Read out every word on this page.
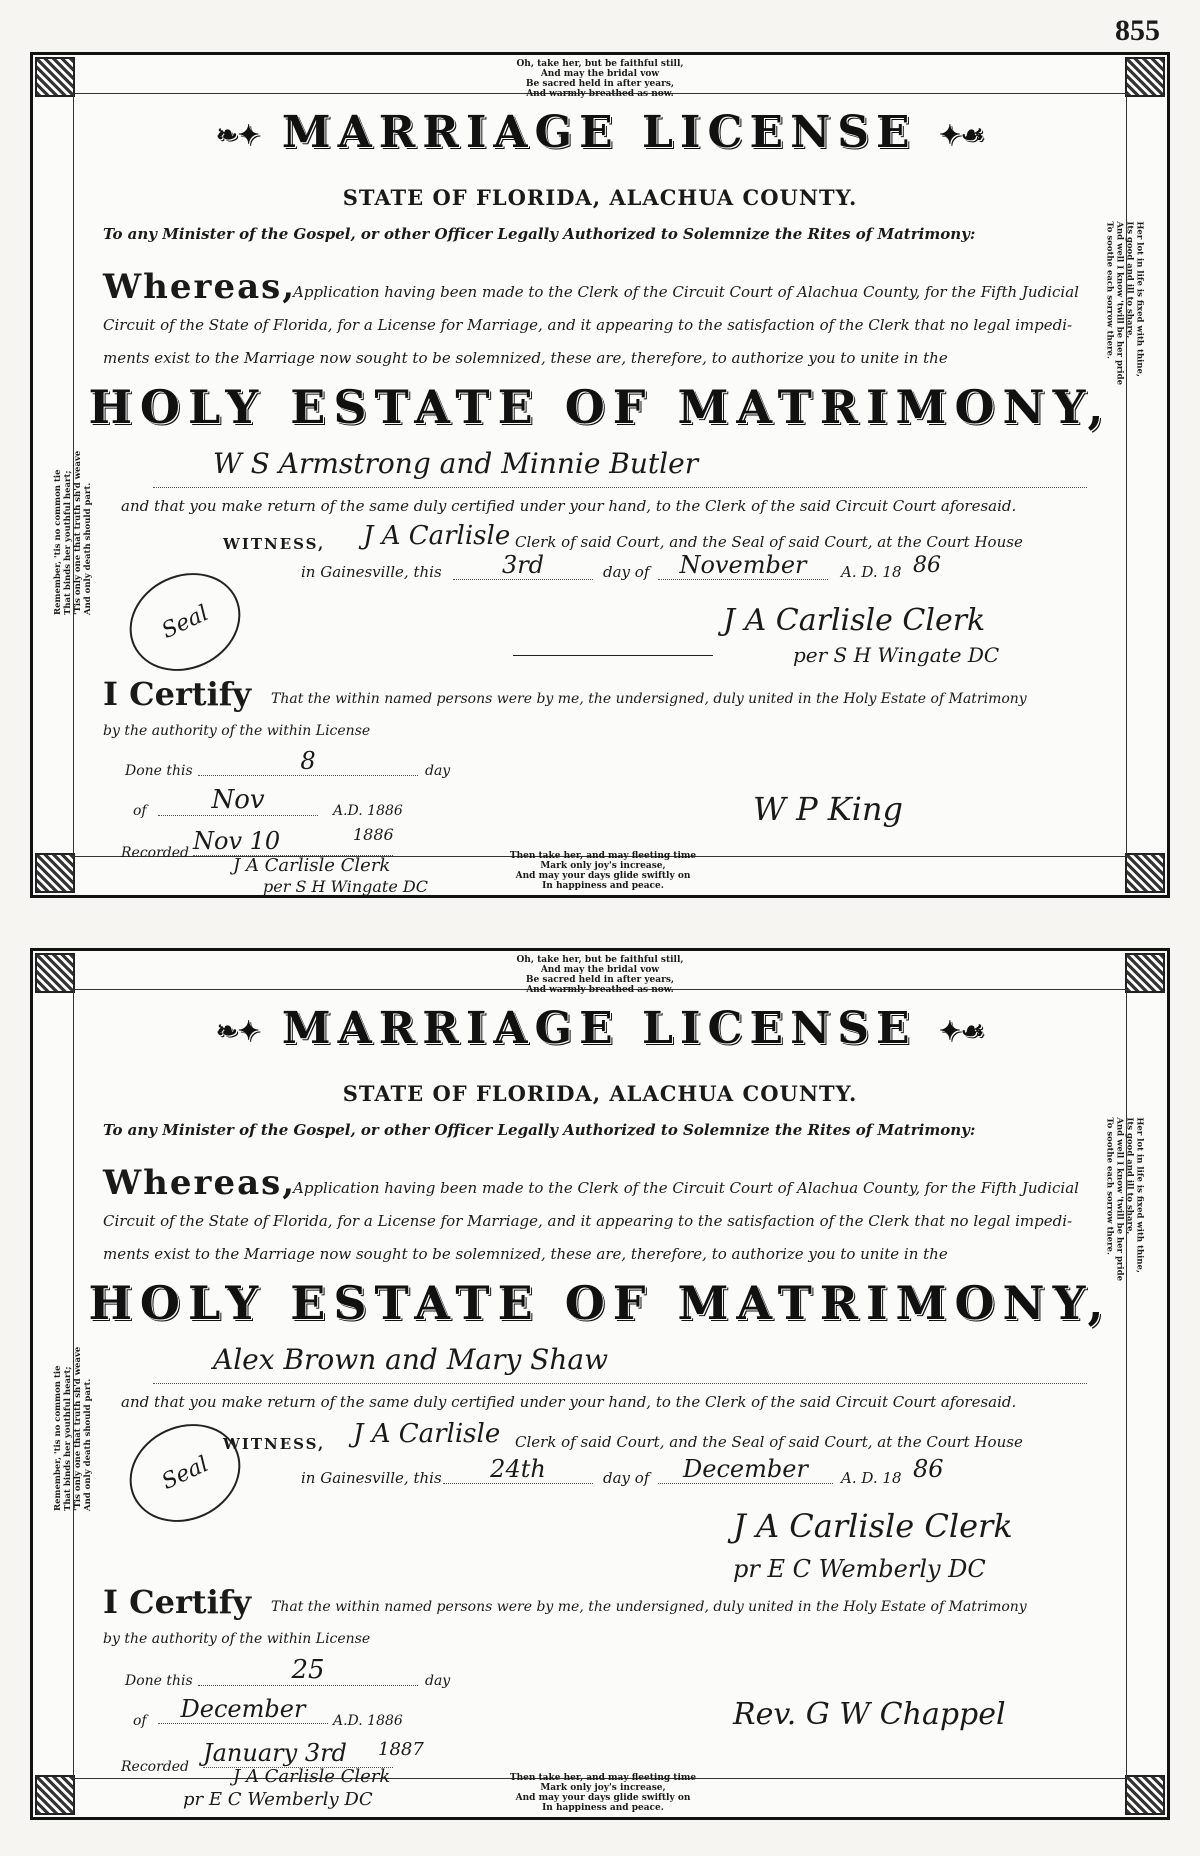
855
Oh, take her, but be faithful still,
And may the bridal vow
Be sacred held in after years,
And warmly breathed as now.
Remember, 'tis no common tie That binds her youthful heart; 'Tis only one that truth sh'd weave And only death should part.
Her lot in life is fixed with thine,
Its good and ill to share,
And well I know 'twill be her pride
To soothe each sorrow there.
❧✦ MARRIAGE LICENSE ✦☙
STATE OF FLORIDA, ALACHUA COUNTY.
To any Minister of the Gospel, or other Officer Legally Authorized to Solemnize the Rites of Matrimony:
Whereas,
Application having been made to the Clerk of the Circuit Court of Alachua County, for the Fifth Judicial
Circuit of the State of Florida, for a License for Marriage, and it appearing to the satisfaction of the Clerk that no legal impedi-
ments exist to the Marriage now sought to be solemnized, these are, therefore, to authorize you to unite in the
HOLY ESTATE OF MATRIMONY,
W S Armstrong and Minnie Butler
and that you make return of the same duly certified under your hand, to the Clerk of the said Circuit Court aforesaid.
WITNESS, J A Carlisle Clerk of said Court, and the Seal of said Court, at the Court House
in Gainesville, this	3rd	day of	November	A. D. 18 86
Seal	J A Carlisle Clerk
per S H Wingate DC
I Certify That the within named persons were by me, the undersigned, duly united in the Holy Estate of Matrimony
by the authority of the within License
Done this	8	day
of	Nov	A.D. 1886	W P King
Recorded Nov 10	1886
J A Carlisle Clerk
per S H Wingate DC
Then take her, and may fleeting time
Mark only joy's increase,
And may your days glide swiftly on
In happiness and peace.
Oh, take her, but be faithful still,
And may the bridal vow
Be sacred held in after years,
And warmly breathed as now.
Remember, 'tis no common tie That binds her youthful heart; 'Tis only one that truth sh'd weave And only death should part.
Her lot in life is fixed with thine,
Its good and ill to share,
And well I know 'twill be her pride
To soothe each sorrow there.
❧✦ MARRIAGE LICENSE ✦☙
STATE OF FLORIDA, ALACHUA COUNTY.
To any Minister of the Gospel, or other Officer Legally Authorized to Solemnize the Rites of Matrimony:
Whereas,
Application having been made to the Clerk of the Circuit Court of Alachua County, for the Fifth Judicial
Circuit of the State of Florida, for a License for Marriage, and it appearing to the satisfaction of the Clerk that no legal impedi-
ments exist to the Marriage now sought to be solemnized, these are, therefore, to authorize you to unite in the
HOLY ESTATE OF MATRIMONY,
Alex Brown and Mary Shaw
and that you make return of the same duly certified under your hand, to the Clerk of the said Circuit Court aforesaid.
WITNESS, J A Carlisle Clerk of said Court, and the Seal of said Court, at the Court House
in Gainesville, this	24th	day of	December	A. D. 18 86
Seal
J A Carlisle Clerk
pr E C Wemberly DC
I Certify That the within named persons were by me, the undersigned, duly united in the Holy Estate of Matrimony
by the authority of the within License
Done this	25	day
of	December	A.D. 1886	Rev. G W Chappel
Recorded January 3rd	1887
J A Carlisle Clerk
pr E C Wemberly DC
Then take her, and may fleeting time
Mark only joy's increase,
And may your days glide swiftly on
In happiness and peace.
